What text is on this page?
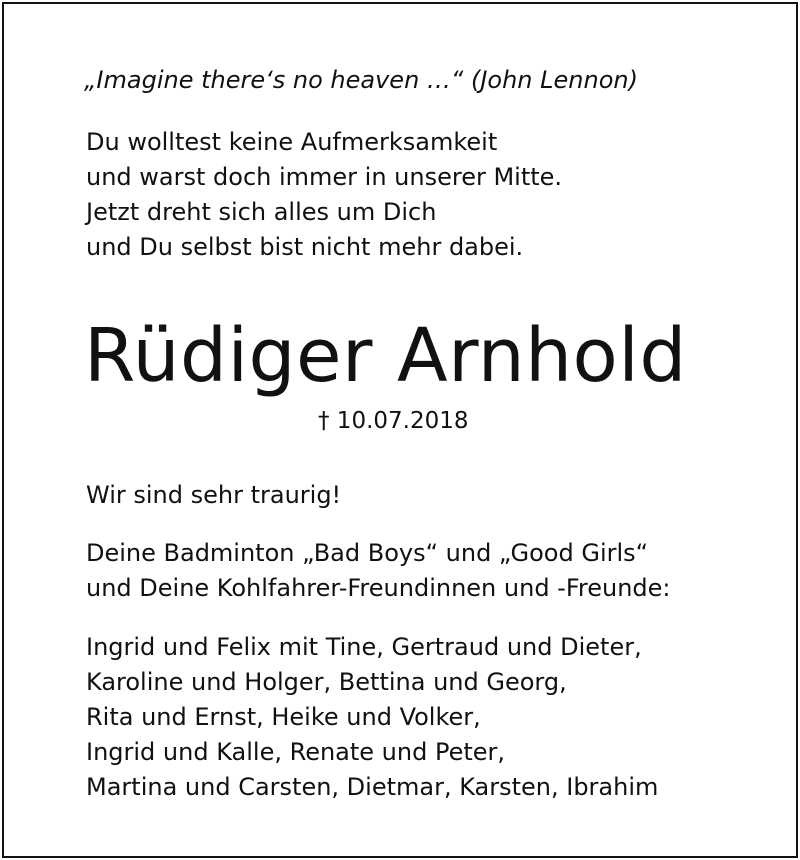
„Imagine there‘s no heaven …“ (John Lennon)
Du wolltest keine Aufmerksamkeit
und warst doch immer in unserer Mitte.
Jetzt dreht sich alles um Dich
und Du selbst bist nicht mehr dabei.
Rüdiger Arnhold
† 10.07.2018
Wir sind sehr traurig!
Deine Badminton „Bad Boys“ und „Good Girls“
und Deine Kohlfahrer-Freundinnen und -Freunde:
Ingrid und Felix mit Tine, Gertraud und Dieter,
Karoline und Holger, Bettina und Georg,
Rita und Ernst, Heike und Volker,
Ingrid und Kalle, Renate und Peter,
Martina und Carsten, Dietmar, Karsten, Ibrahim
